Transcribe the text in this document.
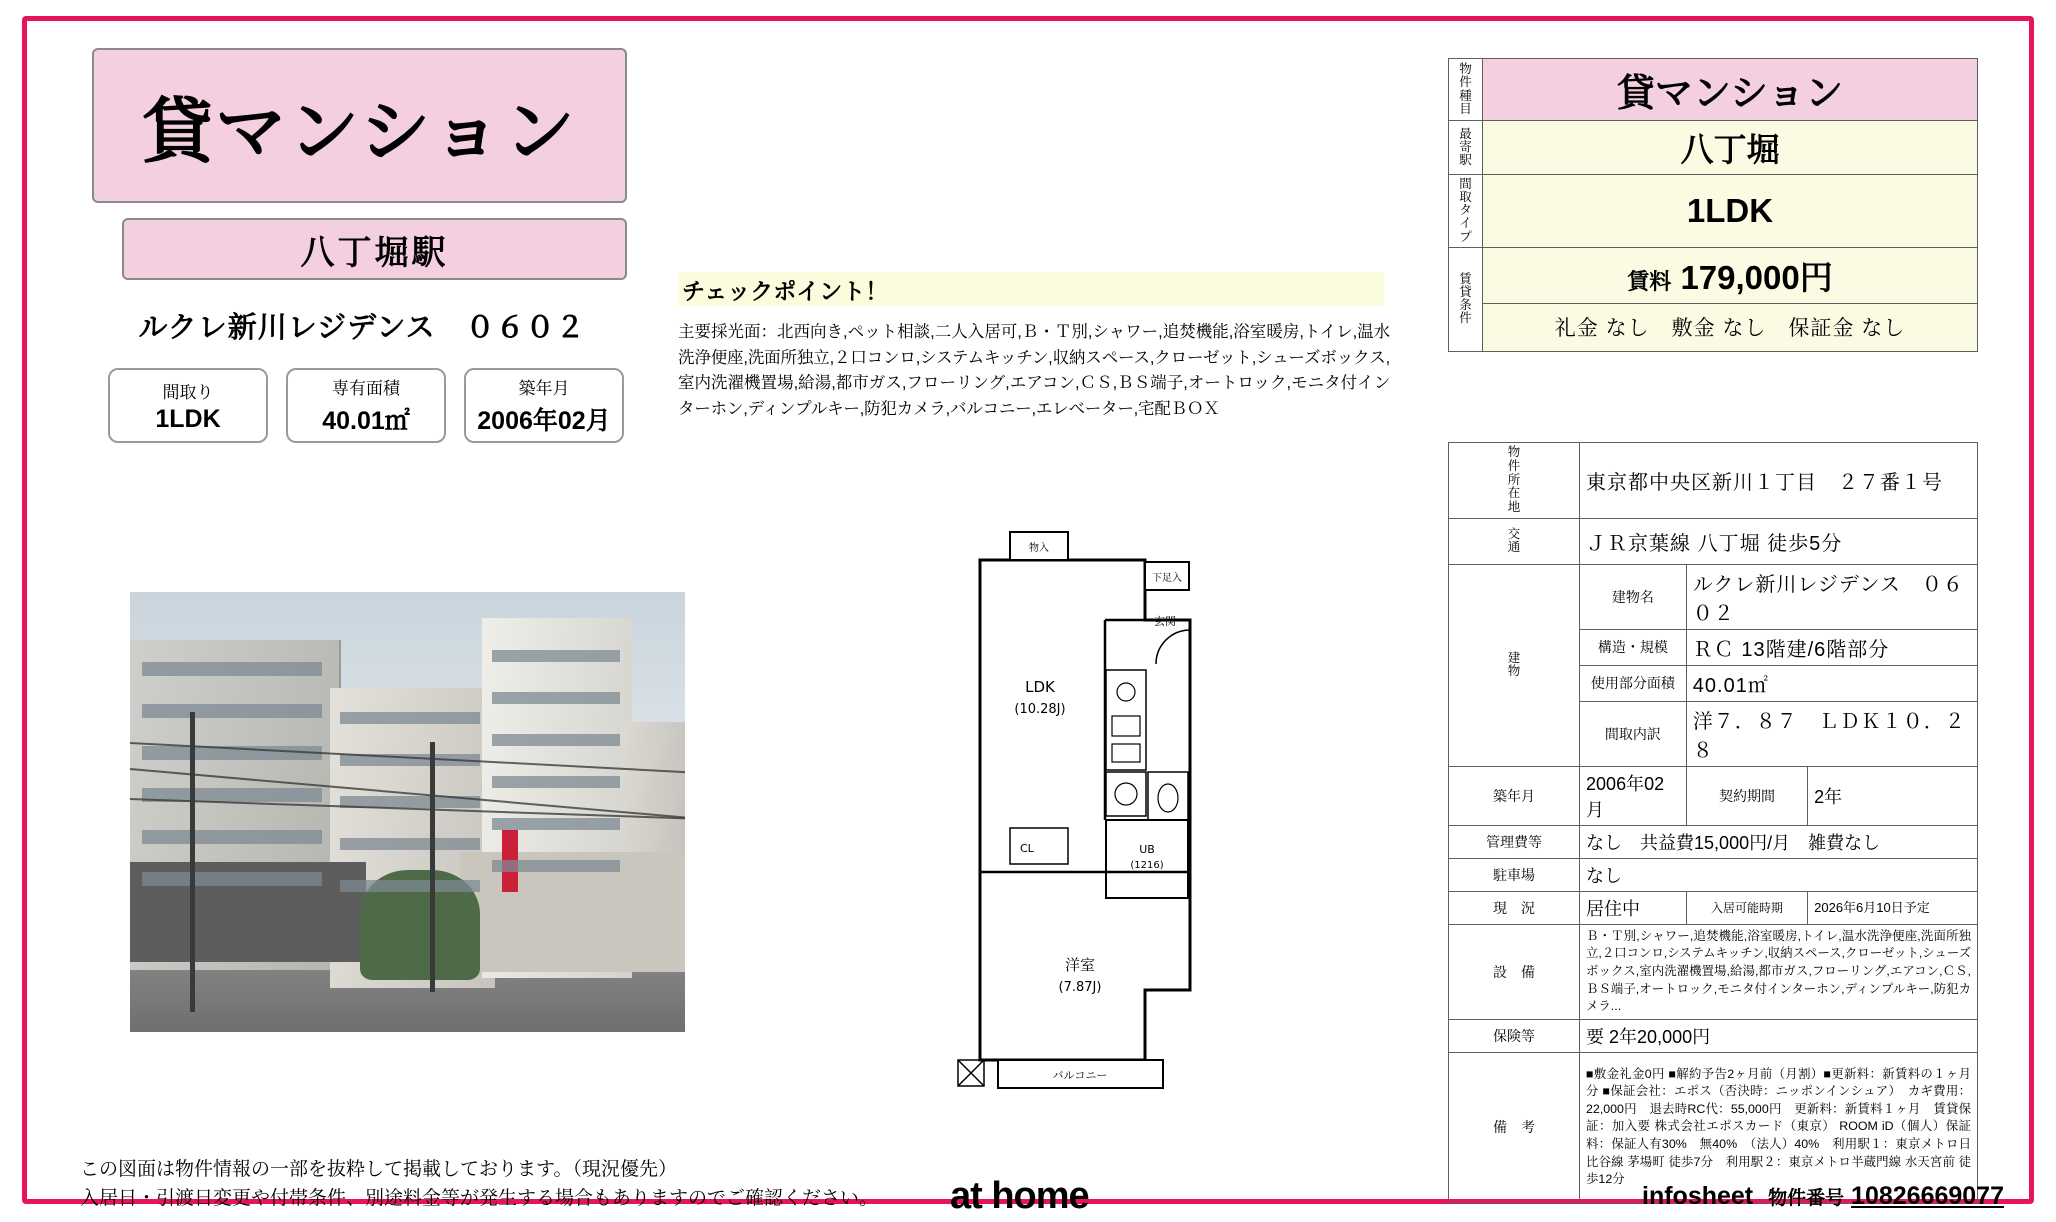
貸マンション
八丁堀駅
ルクレ新川レジデンス　０６０２
間取り
1LDK
専有面積
40.01㎡
築年月
2006年02月
チェックポイント！
主要採光面：北西向き,ペット相談,二人入居可,Ｂ・Ｔ別,シャワー,追焚機能,浴室暖房,トイレ,温水洗浄便座,洗面所独立,２口コンロ,システムキッチン,収納スペース,クローゼット,シューズボックス,室内洗濯機置場,給湯,都市ガス,フローリング,エアコン,ＣＳ,ＢＳ端子,オートロック,モニタ付インターホン,ディンプルキー,防犯カメラ,バルコニー,エレベーター,宅配ＢＯＸ
物入
下足入
玄関
LDK
(10.28J)
UB
(1216)
CL
洋室
(7.87J)
バルコニー
物
件
種
目	貸マンション
最
寄
駅	八丁堀
間
取
タ
イ
プ	1LDK
賃
貸
条
件	賃料 179,000円
	礼金 なし　敷金 なし　保証金 なし
物
件
所
在
地	東京都中央区新川１丁目　２７番１号		
交
通	ＪＲ京葉線 八丁堀 徒歩5分		
建
物	建物名	ルクレ新川レジデンス　０６０２	
	構造・規模	ＲＣ 13階建/6階部分	
	使用部分面積	40.01㎡	
	間取内訳	洋７．８７　ＬＤＫ１０．２８	
築年月	2006年02月	契約期間	2年
管理費等	なし　共益費15,000円/月　雑費なし		
駐車場	なし		
現　況	居住中	入居可能時期	2026年6月10日予定
設　備	Ｂ・Ｔ別,シャワー,追焚機能,浴室暖房,トイレ,温水洗浄便座,洗面所独立,２口コンロ,システムキッチン,収納スペース,クローゼット,シューズボックス,室内洗濯機置場,給湯,都市ガス,フローリング,エアコン,ＣＳ,ＢＳ端子,オートロック,モニタ付インターホン,ディンプルキー,防犯カメラ...		
保険等	要 2年20,000円		
備　考	■敷金礼金0円 ■解約予告2ヶ月前（月割）■更新料：新賃料の１ヶ月分 ■保証会社：エポス（否決時：ニッポンインシュア）　カギ費用：22,000円　退去時RC代：55,000円　更新料：新賃料１ヶ月　賃貸保証：加入要 株式会社エポスカード（東京） ROOM iD（個人）保証料：保証人有30%　無40%　（法人）40%　利用駅１：東京メトロ日比谷線 茅場町 徒歩7分　利用駅２：東京メトロ半蔵門線 水天宮前 徒歩12分		
この図面は物件情報の一部を抜粋して掲載しております。（現況優先）
入居日・引渡日変更や付帯条件、別途料金等が発生する場合もありますのでご確認ください。 at home	infosheet 物件番号 10826669077
